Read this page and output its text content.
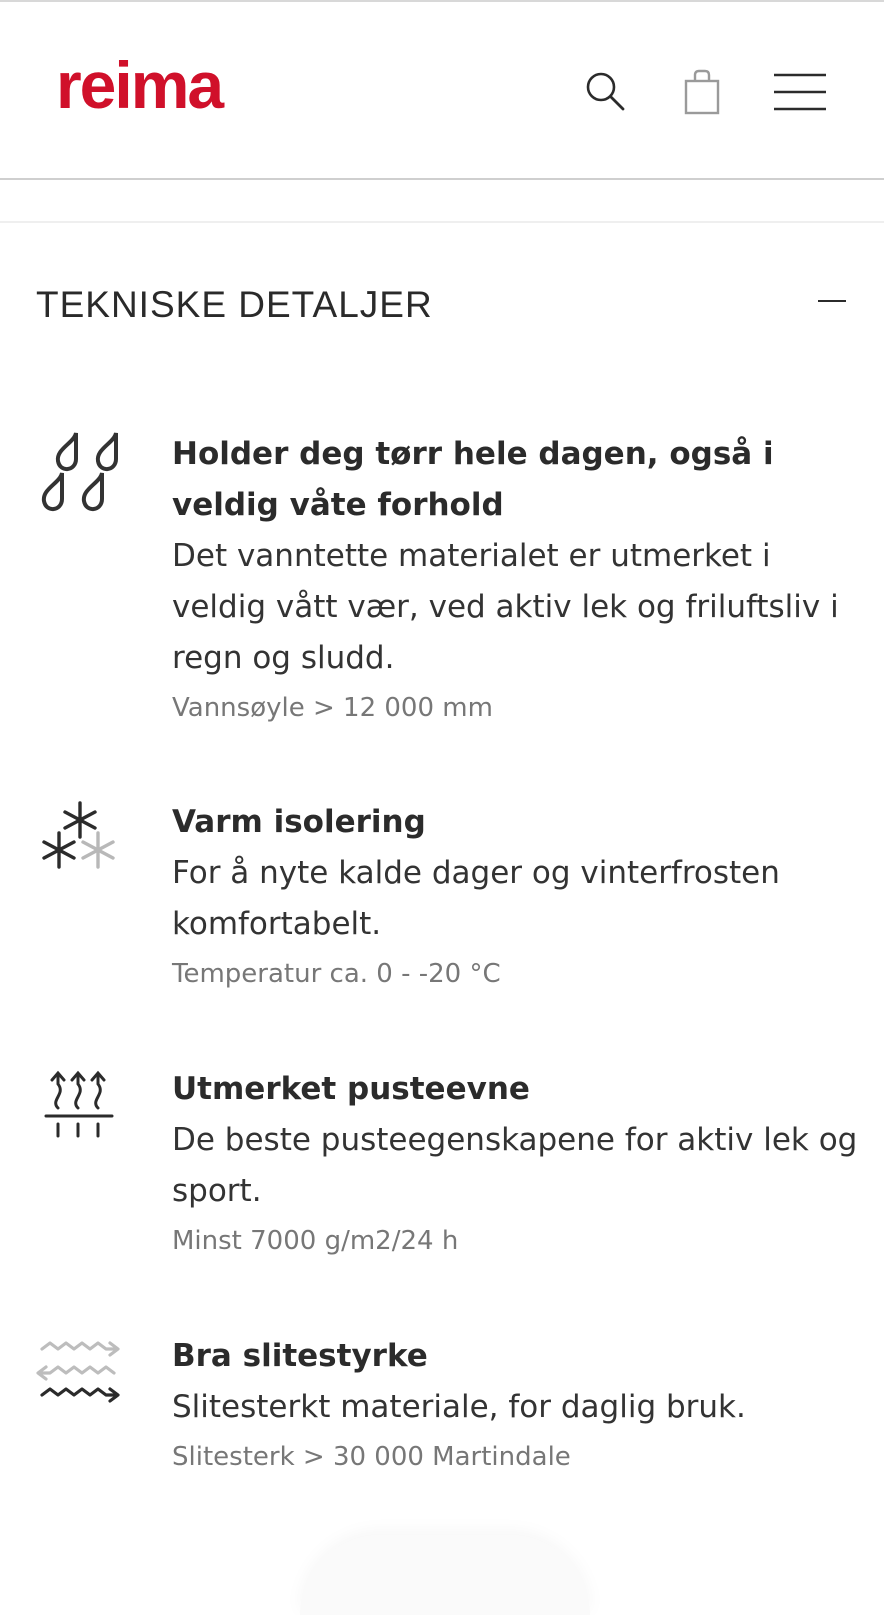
reima
TEKNISKE DETALJER
Holder deg tørr hele dagen, også i veldig våte forhold
Det vanntette materialet er utmerket i veldig vått vær, ved aktiv lek og friluftsliv i regn og sludd.
Vannsøyle > 12 000 mm
Varm isolering
For å nyte kalde dager og vinterfrosten komfortabelt.
Temperatur ca. 0 - -20 °C
Utmerket pusteevne
De beste pusteegenskapene for aktiv lek og sport.
Minst 7000 g/m2/24 h
Bra slitestyrke
Slitesterkt materiale, for daglig bruk.
Slitesterk > 30 000 Martindale
